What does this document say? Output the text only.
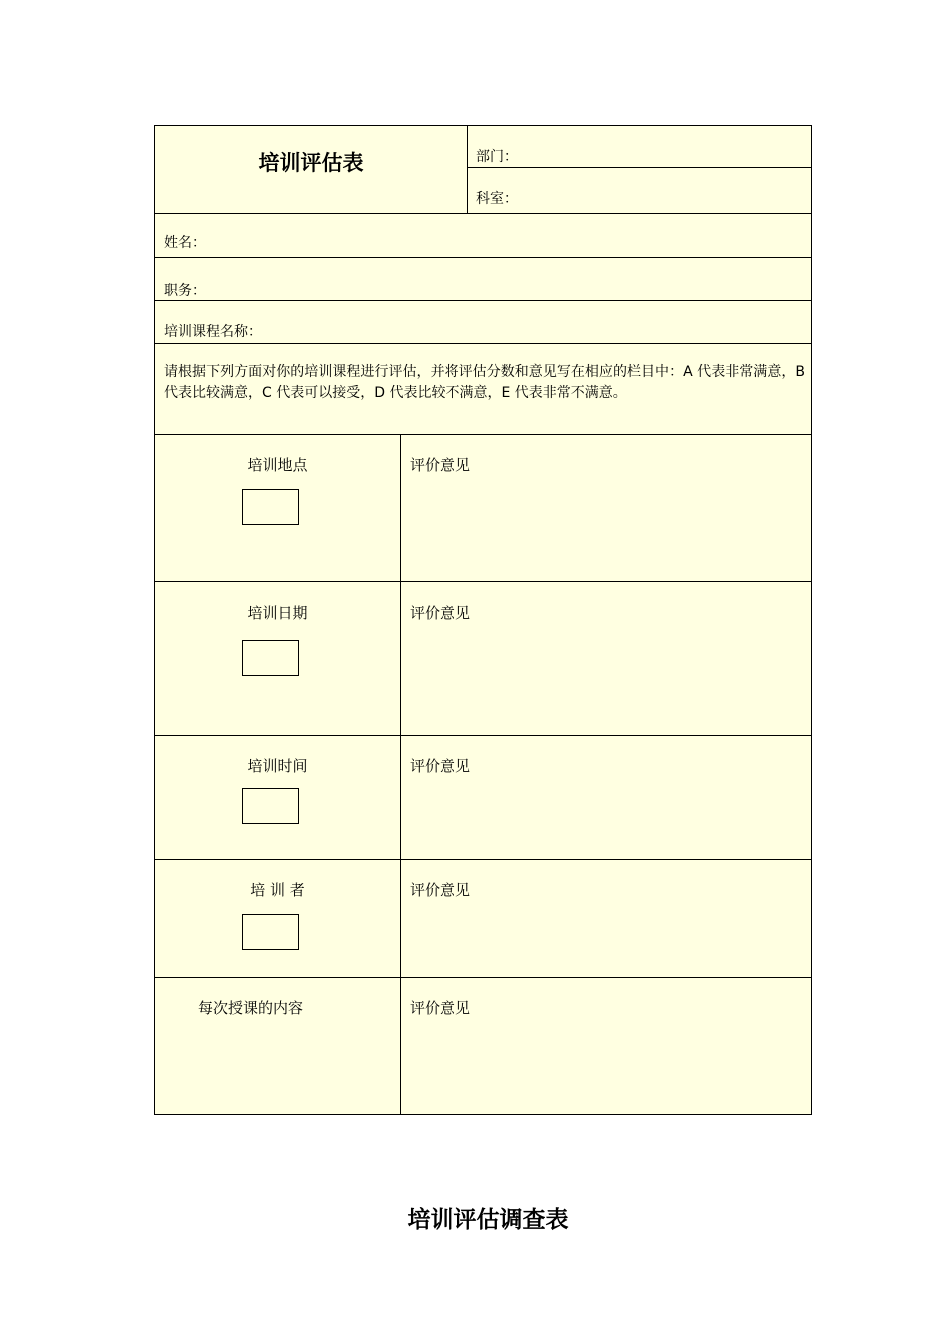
培训评估表	部门：
科室：
姓名：
职务：
培训课程名称：
请根据下列方面对你的培训课程进行评估，并将评估分数和意见写在相应的栏目中：A 代表非常满意，B 代表比较满意，C 代表可以接受，D 代表比较不满意，E 代表非常不满意。
培训地点	评价意见
培训日期	评价意见
培训时间	评价意见
培 训 者	评价意见
每次授课的内容	评价意见
培训评估调查表
